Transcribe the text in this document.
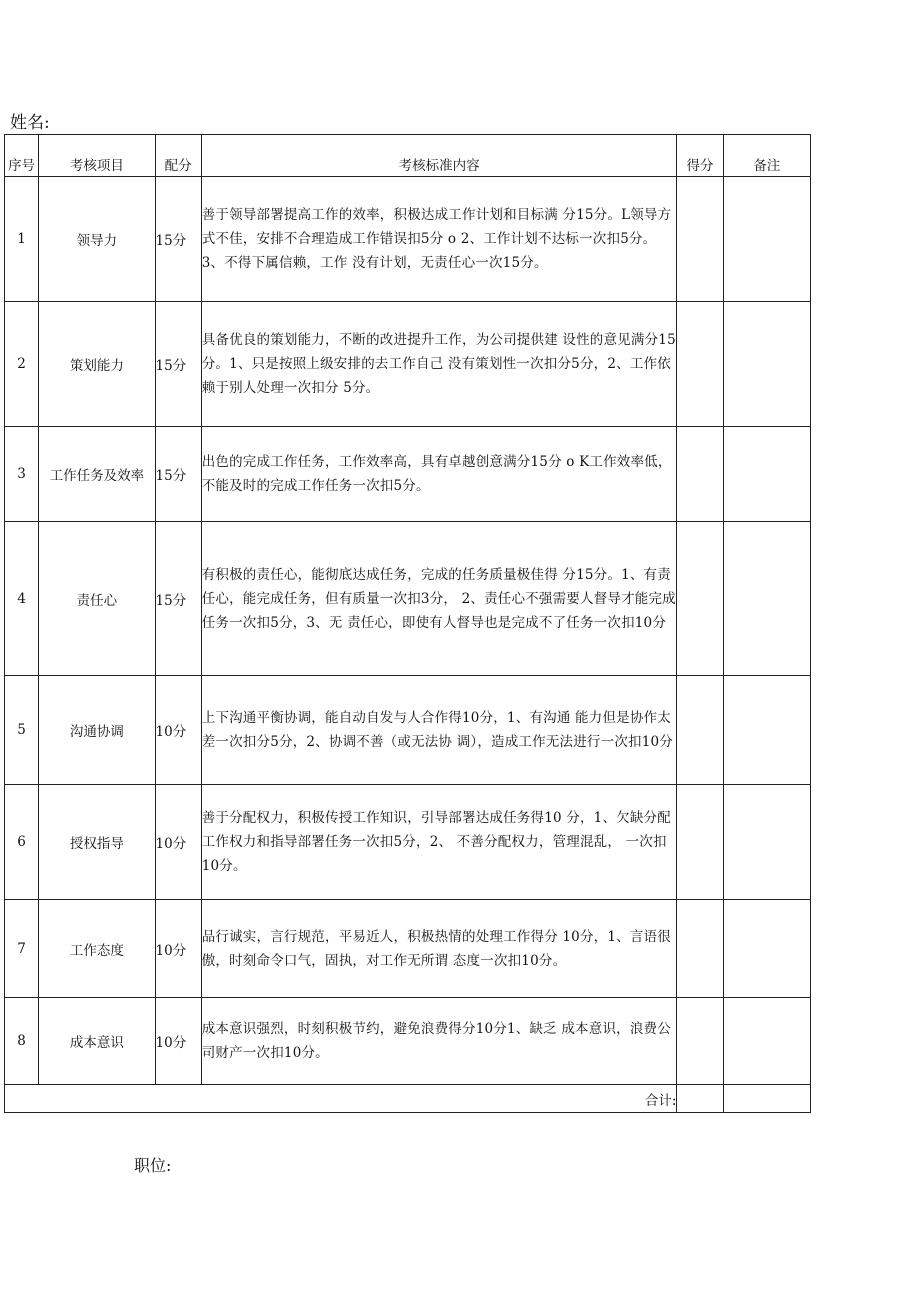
姓名:
序号	考核项目	配分	考核标准内容	得分	备注
1	领导力	15分	善于领导部署提高工作的效率，积极达成工作计划和目标满 分15分。L领导方式不佳，安排不合理造成工作错误扣5分 o 2、工作计划不达标一次扣5分。3、不得下属信赖，工作 没有计划，无责任心一次15分。		
2	策划能力	15分	具备优良的策划能力，不断的改进提升工作，为公司提供建 设性的意见满分15分。1、只是按照上级安排的去工作自己 没有策划性一次扣分5分，2、工作依赖于别人处理一次扣分 5分。		
3	工作任务及效率	15分	出色的完成工作任务，工作效率高，具有卓越创意满分15分 o K工作效率低，不能及时的完成工作任务一次扣5分。		
4	责任心	15分	有积极的责任心，能彻底达成任务，完成的任务质量极佳得 分15分。1、有责任心，能完成任务，但有质量一次扣3分， 2、责任心不强需要人督导才能完成任务一次扣5分，3、无 责任心，即使有人督导也是完成不了任务一次扣10分		
5	沟通协调	10分	上下沟通平衡协调，能自动自发与人合作得10分，1、有沟通 能力但是协作太差一次扣分5分，2、协调不善（或无法协 调），造成工作无法进行一次扣10分		
6	授权指导	10分	善于分配权力，积极传授工作知识，引导部署达成任务得10 分，1、欠缺分配工作权力和指导部署任务一次扣5分，2、 不善分配权力，管理混乱， 一次扣10分。		
7	工作态度	10分	品行诚实，言行规范，平易近人，积极热情的处理工作得分 10分，1、言语很傲，时刻命令口气，固执，对工作无所谓 态度一次扣10分。		
8	成本意识	10分	成本意识强烈，时刻积极节约，避免浪费得分10分1、缺乏 成本意识，浪费公司财产一次扣10分。		
合计:					
职位:
